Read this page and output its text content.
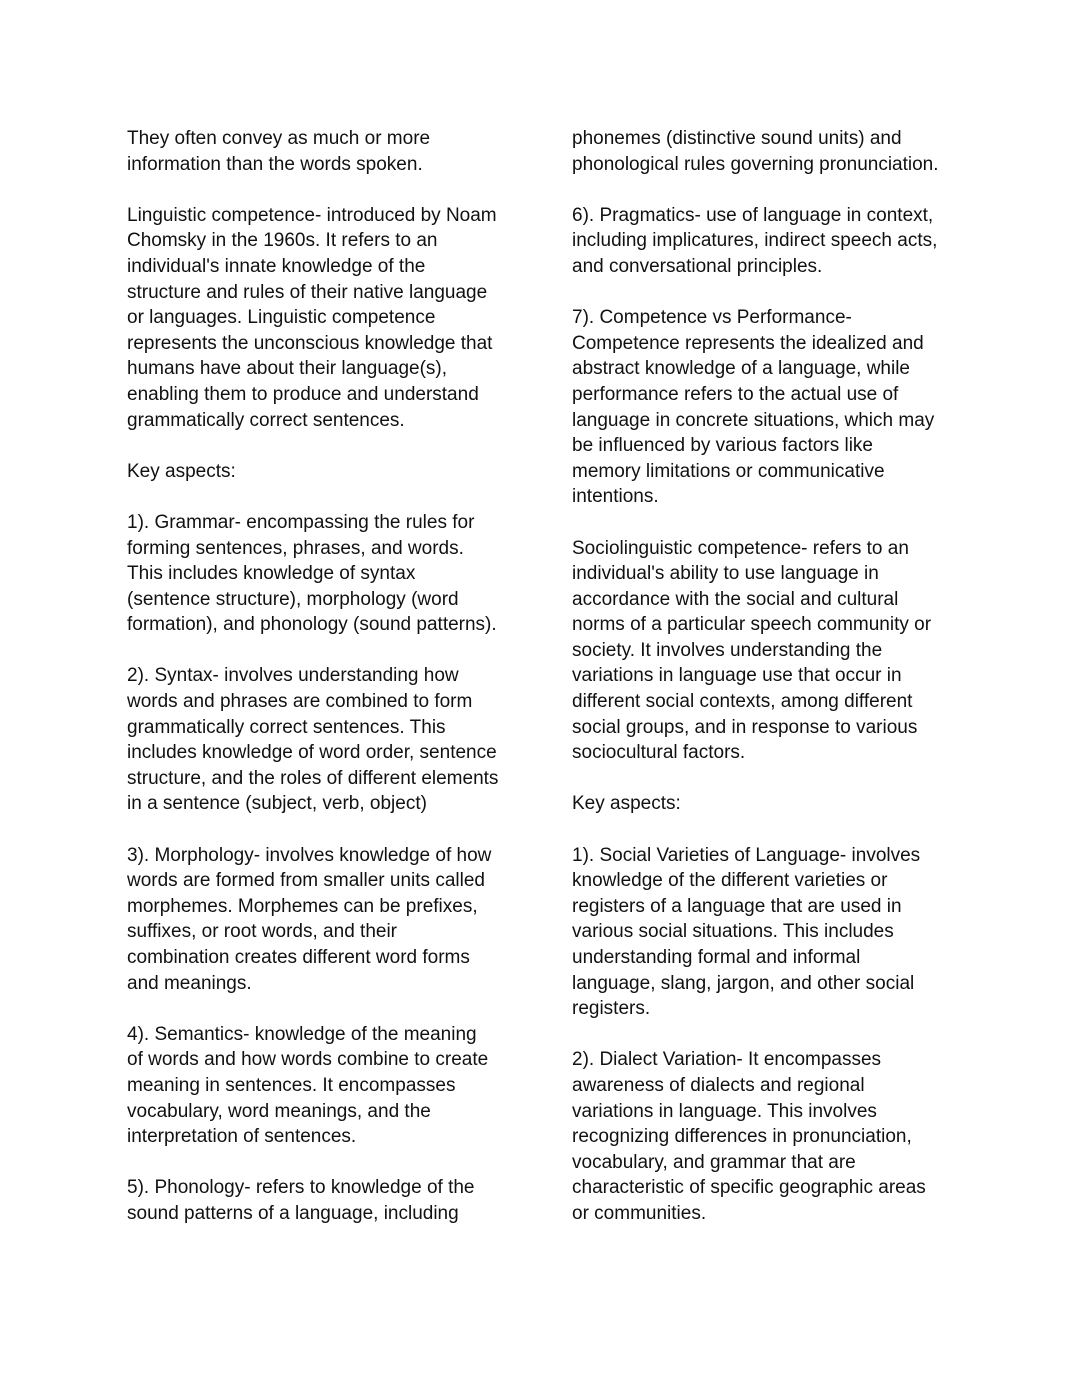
They often convey as much or more
information than the words spoken.

Linguistic competence- introduced by Noam
Chomsky in the 1960s. It refers to an
individual's innate knowledge of the
structure and rules of their native language
or languages. Linguistic competence
represents the unconscious knowledge that
humans have about their language(s),
enabling them to produce and understand
grammatically correct sentences.

Key aspects:

1). Grammar- encompassing the rules for
forming sentences, phrases, and words.
This includes knowledge of syntax
(sentence structure), morphology (word
formation), and phonology (sound patterns).

2). Syntax- involves understanding how
words and phrases are combined to form
grammatically correct sentences. This
includes knowledge of word order, sentence
structure, and the roles of different elements
in a sentence (subject, verb, object)

3). Morphology- involves knowledge of how
words are formed from smaller units called
morphemes. Morphemes can be prefixes,
suffixes, or root words, and their
combination creates different word forms
and meanings.

4). Semantics- knowledge of the meaning
of words and how words combine to create
meaning in sentences. It encompasses
vocabulary, word meanings, and the
interpretation of sentences.

5). Phonology- refers to knowledge of the
sound patterns of a language, including

phonemes (distinctive sound units) and
phonological rules governing pronunciation.

6). Pragmatics- use of language in context,
including implicatures, indirect speech acts,
and conversational principles.

7). Competence vs Performance-
Competence represents the idealized and
abstract knowledge of a language, while
performance refers to the actual use of
language in concrete situations, which may
be influenced by various factors like
memory limitations or communicative
intentions.

Sociolinguistic competence- refers to an
individual's ability to use language in
accordance with the social and cultural
norms of a particular speech community or
society. It involves understanding the
variations in language use that occur in
different social contexts, among different
social groups, and in response to various
sociocultural factors.

Key aspects:

1). Social Varieties of Language- involves
knowledge of the different varieties or
registers of a language that are used in
various social situations. This includes
understanding formal and informal
language, slang, jargon, and other social
registers.

2). Dialect Variation- It encompasses
awareness of dialects and regional
variations in language. This involves
recognizing differences in pronunciation,
vocabulary, and grammar that are
characteristic of specific geographic areas
or communities.
